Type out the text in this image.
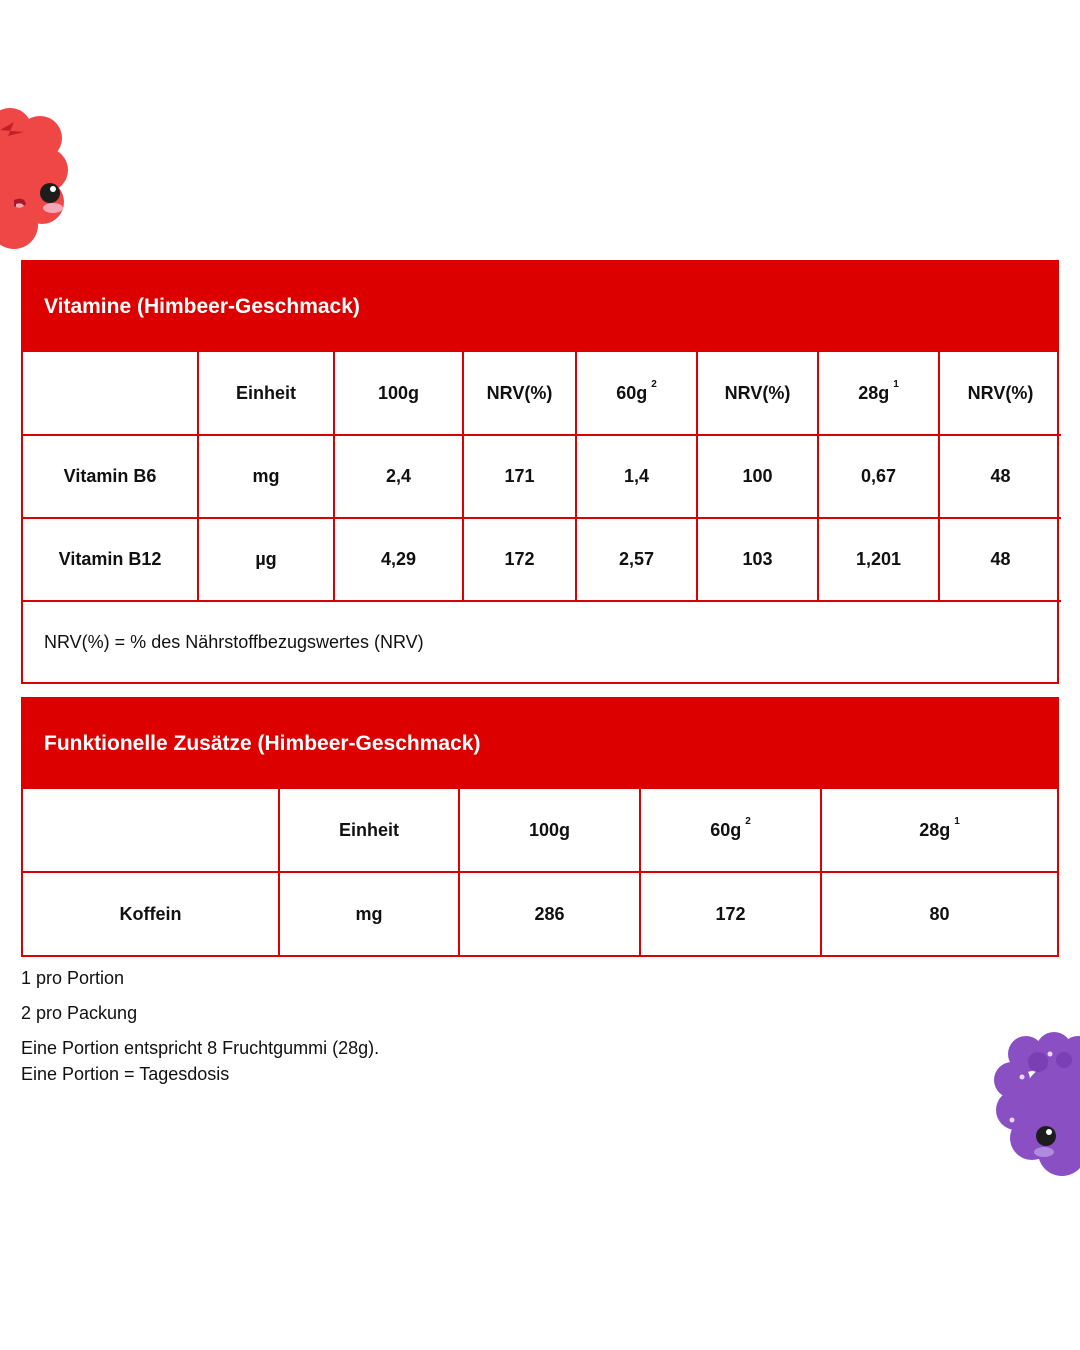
Vitamine (Himbeer-Geschmack)
	Einheit	100g	NRV(%)	60g $^2$	NRV(%)	28g $^1$	NRV(%)
Vitamin B6	mg	2,4	171	1,4	100	0,67	48
Vitamin B12	µg	4,29	172	2,57	103	1,201	48
NRV(%) = % des Nährstoffbezugswertes (NRV)							
Funktionelle Zusätze (Himbeer-Geschmack)
	Einheit	100g	60g $^2$	28g $^1$
Koffein	mg	286	172	80

1 pro Portion

2 pro Packung

Eine Portion entspricht 8 Fruchtgummi (28g).

Eine Portion = Tagesdosis
